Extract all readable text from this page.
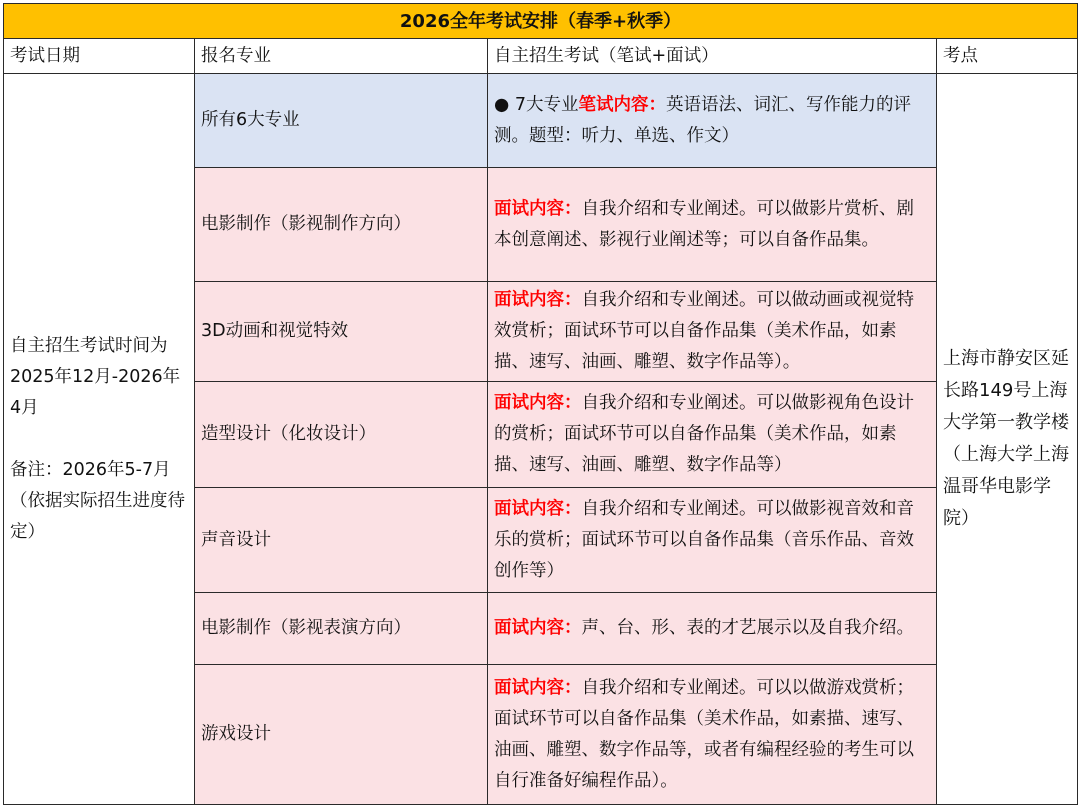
2026全年考试安排（春季+秋季）			
考试日期	报名专业	自主招生考试（笔试+面试）	考点

自主招生考试时间为2025年12月-2026年4月
备注：2026年5-7月（依据实际招生进度待定）	所有6大专业	● 7大专业笔试内容：英语语法、词汇、写作能力的评测。题型：听力、单选、作文）	上海市静安区延长路149号上海大学第一教学楼（上海大学上海温哥华电影学院）
	电影制作（影视制作方向）	面试内容：自我介绍和专业阐述。可以做影片赏析、剧本创意阐述、影视行业阐述等；可以自备作品集。	
	3D动画和视觉特效	面试内容：自我介绍和专业阐述。可以做动画或视觉特效赏析；面试环节可以自备作品集（美术作品，如素描、速写、油画、雕塑、数字作品等）。	
	造型设计（化妆设计）	面试内容：自我介绍和专业阐述。可以做影视角色设计的赏析；面试环节可以自备作品集（美术作品，如素描、速写、油画、雕塑、数字作品等）	
	声音设计	面试内容：自我介绍和专业阐述。可以做影视音效和音乐的赏析；面试环节可以自备作品集（音乐作品、音效创作等）	
	电影制作（影视表演方向）	面试内容：声、台、形、表的才艺展示以及自我介绍。	
	游戏设计	面试内容：自我介绍和专业阐述。可以以做游戏赏析；面试环节可以自备作品集（美术作品，如素描、速写、油画、雕塑、数字作品等，或者有编程经验的考生可以自行准备好编程作品）。	
